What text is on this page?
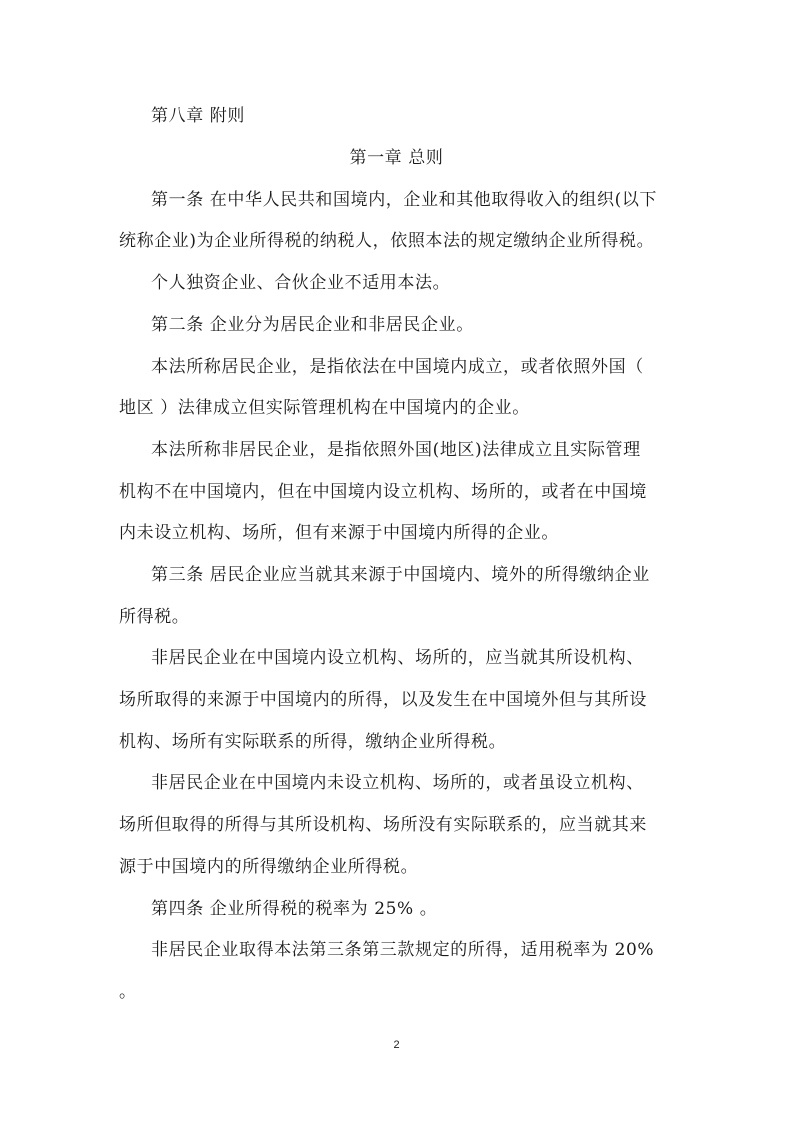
第八章 附则
第一章 总则
第一条 在中华人民共和国境内，企业和其他取得收入的组织(以下
统称企业)为企业所得税的纳税人，依照本法的规定缴纳企业所得税。
个人独资企业、合伙企业不适用本法。
第二条 企业分为居民企业和非居民企业。
本法所称居民企业，是指依法在中国境内成立，或者依照外国（
地区 ）法律成立但实际管理机构在中国境内的企业。
本法所称非居民企业，是指依照外国(地区)法律成立且实际管理
机构不在中国境内，但在中国境内设立机构、场所的，或者在中国境
内未设立机构、场所，但有来源于中国境内所得的企业。
第三条 居民企业应当就其来源于中国境内、境外的所得缴纳企业
所得税。
非居民企业在中国境内设立机构、场所的，应当就其所设机构、
场所取得的来源于中国境内的所得，以及发生在中国境外但与其所设
机构、场所有实际联系的所得，缴纳企业所得税。
非居民企业在中国境内未设立机构、场所的，或者虽设立机构、
场所但取得的所得与其所设机构、场所没有实际联系的，应当就其来
源于中国境内的所得缴纳企业所得税。
第四条 企业所得税的税率为 25% 。
非居民企业取得本法第三条第三款规定的所得，适用税率为 20%
。
2
